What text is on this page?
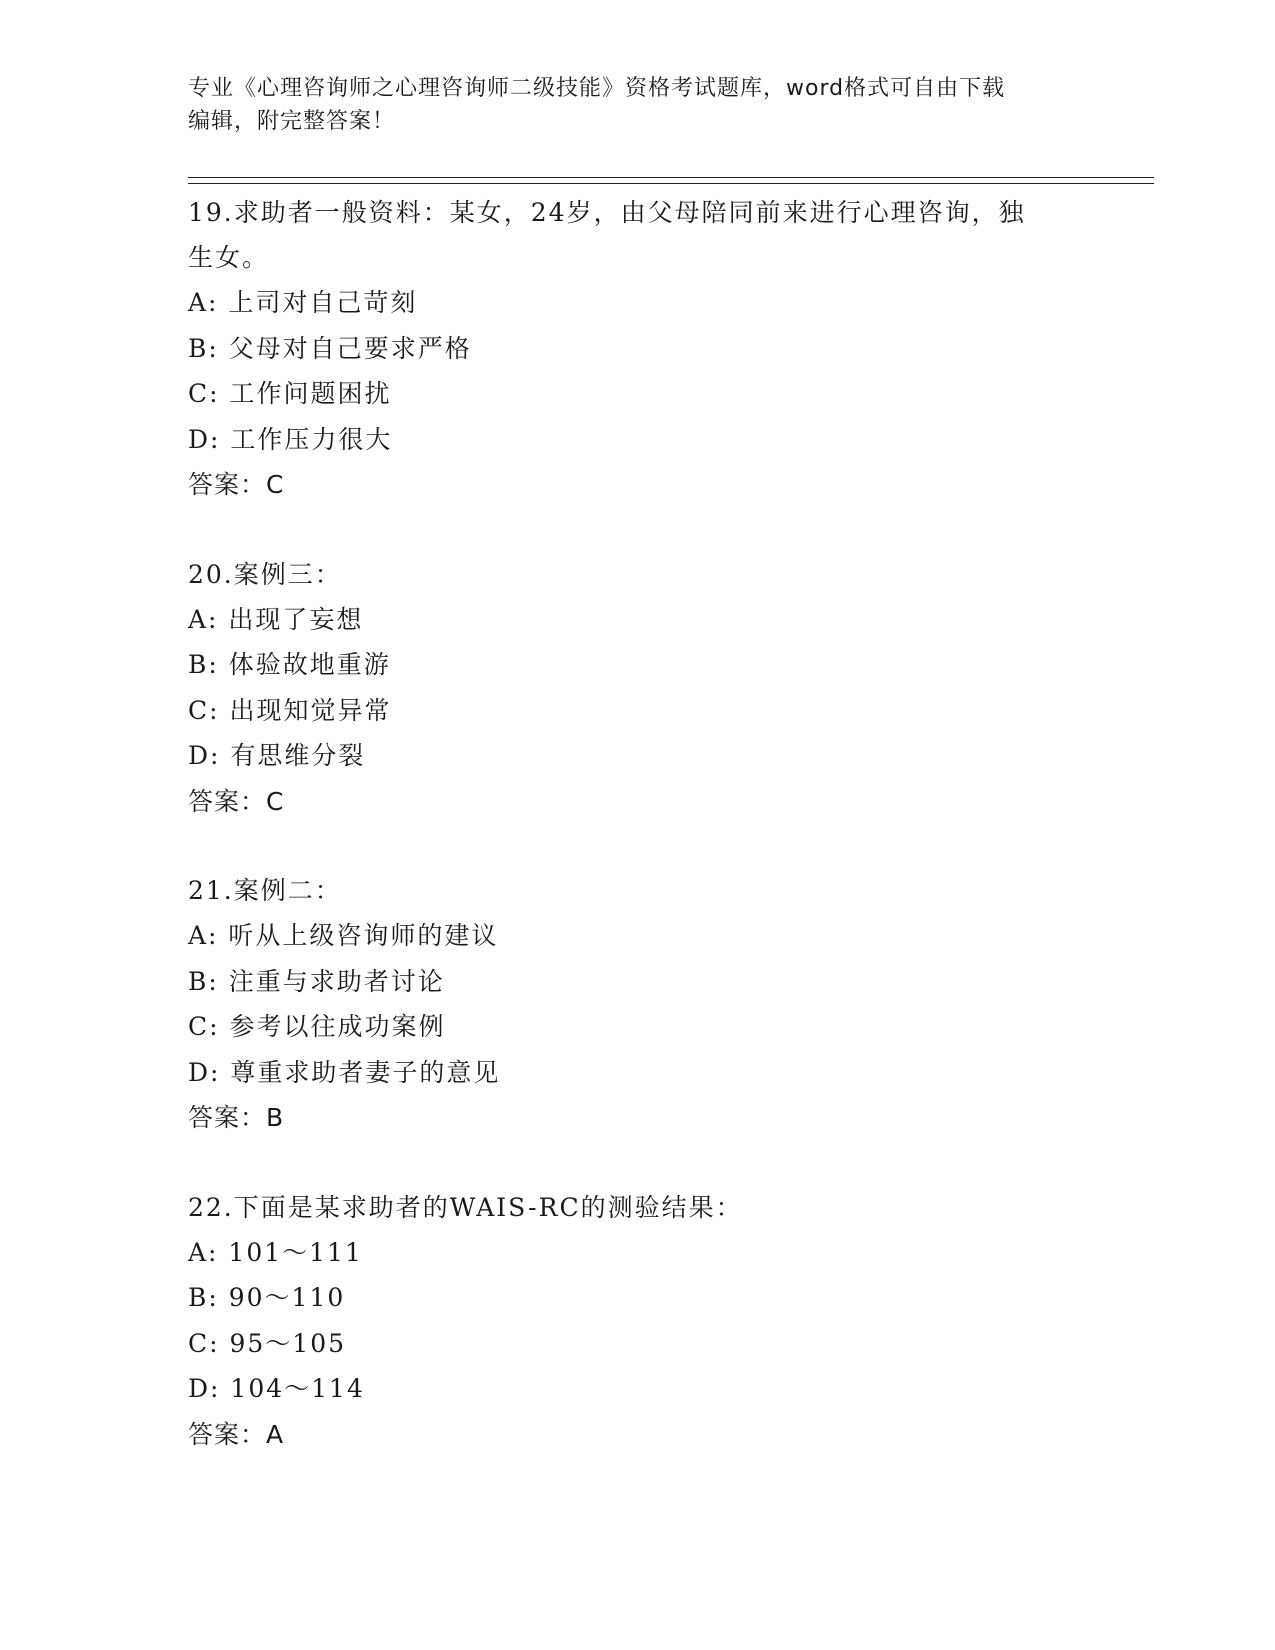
专业《心理咨询师之心理咨询师二级技能》资格考试题库，word格式可自由下载
编辑，附完整答案！
19.求助者一般资料：某女，24岁，由父母陪同前来进行心理咨询，独
生女。
A: 上司对自己苛刻
B: 父母对自己要求严格
C: 工作问题困扰
D: 工作压力很大
答案：C
20.案例三：
A: 出现了妄想
B: 体验故地重游
C: 出现知觉异常
D: 有思维分裂
答案：C
21.案例二：
A: 听从上级咨询师的建议
B: 注重与求助者讨论
C: 参考以往成功案例
D: 尊重求助者妻子的意见
答案：B
22.下面是某求助者的WAIS-RC的测验结果：
A: 101～111
B: 90～110
C: 95～105
D: 104～114
答案：A
